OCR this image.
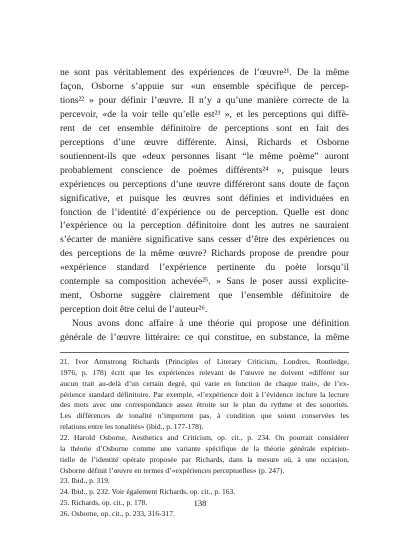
ne sont pas véritablement des expériences de l’œuvre²¹. De la même
façon, Osborne s’appuie sur «un ensemble spécifique de percep-
tions²² » pour définir l’œuvre. Il n’y a qu’une manière correcte de la
percevoir, «de la voir telle qu’elle est²³ », et les perceptions qui diffè-
rent de cet ensemble définitoire de perceptions sont en fait des
perceptions d’une œuvre différente. Ainsi, Richards et Osborne
soutiennent-ils que «deux personnes lisant “le même poème” auront
probablement conscience de poèmes différents²⁴ », puisque leurs
expériences ou perceptions d’une œuvre différeront sans doute de façon
significative, et puisque les œuvres sont définies et individuées en
fonction de l’identité d’expérience ou de perception. Quelle est donc
l’expérience ou la perception définitoire dont les autres ne sauraient
s’écarter de manière significative sans cesser d’être des expériences ou
des perceptions de la même œuvre? Richards propose de prendre pour
«expérience standard l’expérience pertinente du poète lorsqu’il
contemple sa composition achevée²⁵. » Sans le poser aussi explicite-
ment, Osborne suggère clairement que l’ensemble définitoire de
perception doit être celui de l’auteur²⁶.
Nous avons donc affaire à une théorie qui propose une définition
générale de l’œuvre littéraire: ce qui constitue, en substance, la même
21. Ivor Armstrong Richards (Principles of Literary Criticism, Londres, Routledge,
1976, p. 178) écrit que les expériences relevant de l’œuvre ne doivent «différer sur
aucun trait au-delà d’un certain degré, qui varie en fonction de chaque trait», de l’ex-
périence standard définitoire. Par exemple, «l’expérience doit à l’évidence inclure la lecture
des mots avec une correspondance assez étroite sur le plan du rythme et des sonorités.
Les différences de tonalité n’importent pas, à condition que soient conservées les
relations entre les tonalités» (ibid., p. 177-178).
22. Harold Osborne, Aesthetics and Criticism, op. cit., p. 234. On pourrait considérer
la théorie d’Osborne comme une variante spécifique de la théorie générale expérien-
tielle de l’identité opérale proposée par Richards, dans la mesure où, à une occasion,
Osborne définit l’œuvre en termes d’«expériences perceptuelles» (p. 247).
23. Ibid., p. 319.
24. Ibid., p. 232. Voir également Richards, op. cit., p. 163.
25. Richards, op. cit., p. 178.
26. Osborne, op. cit., p. 233, 316-317.
138
